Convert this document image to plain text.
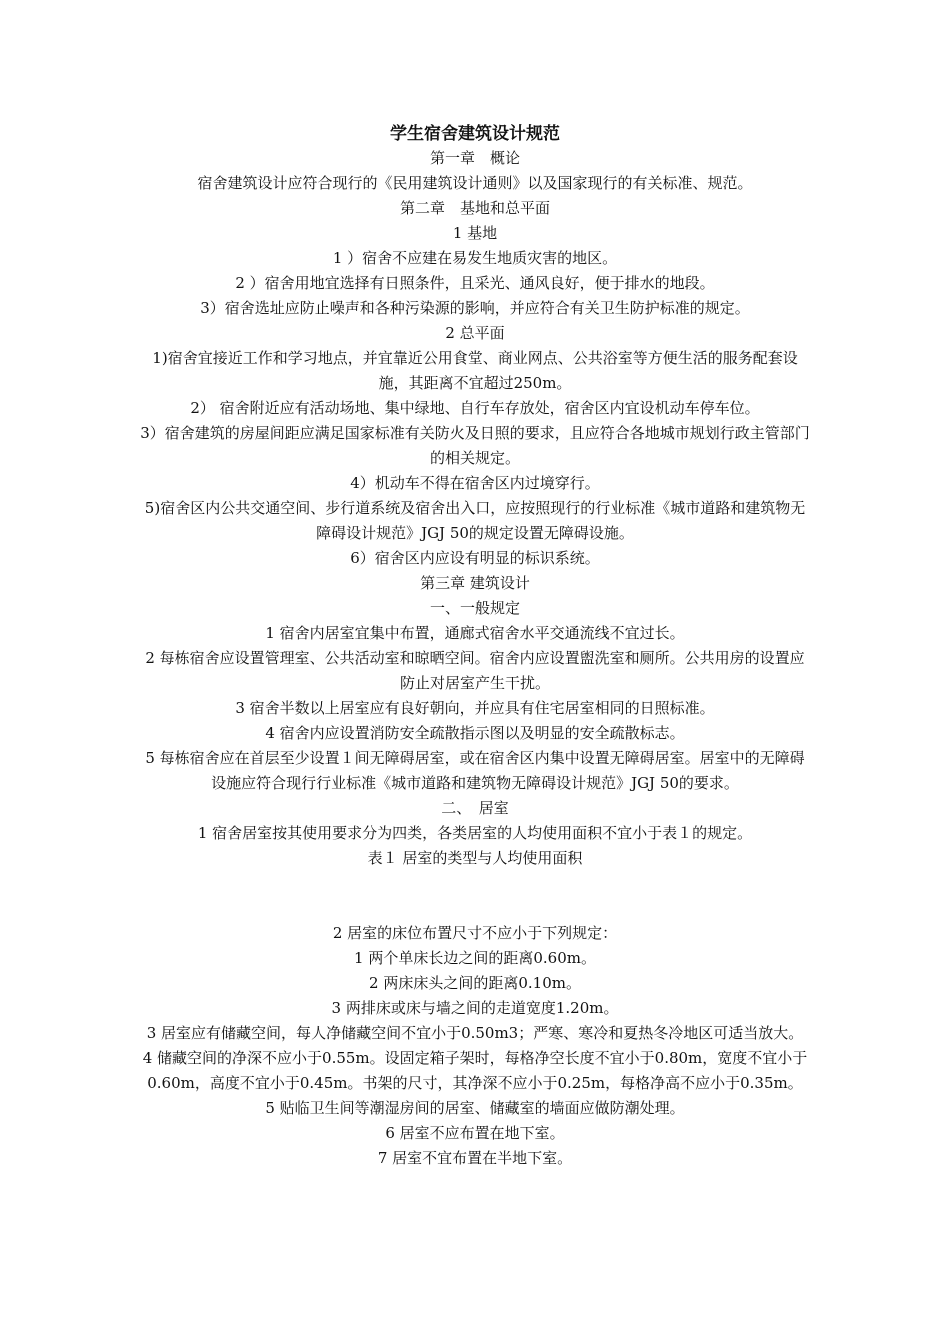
学生宿舍建筑设计规范

第一章　概论

宿舍建筑设计应符合现行的《民用建筑设计通则》以及国家现行的有关标准、规范。

第二章　基地和总平面

1 基地

1 ）宿舍不应建在易发生地质灾害的地区。

2 ）宿舍用地宜选择有日照条件，且采光、通风良好，便于排水的地段。

3）宿舍选址应防止噪声和各种污染源的影响，并应符合有关卫生防护标准的规定。

2 总平面

1)宿舍宜接近工作和学习地点，并宜靠近公用食堂、商业网点、公共浴室等方便生活的服务配套设施，其距离不宜超过250m。

2） 宿舍附近应有活动场地、集中绿地、自行车存放处，宿舍区内宜设机动车停车位。

3）宿舍建筑的房屋间距应满足国家标准有关防火及日照的要求，且应符合各地城市规划行政主管部门的相关规定。

4）机动车不得在宿舍区内过境穿行。

5)宿舍区内公共交通空间、步行道系统及宿舍出入口，应按照现行的行业标准《城市道路和建筑物无障碍设计规范》JGJ 50的规定设置无障碍设施。

6）宿舍区内应设有明显的标识系统。

第三章 建筑设计

一、一般规定

1 宿舍内居室宜集中布置，通廊式宿舍水平交通流线不宜过长。

2 每栋宿舍应设置管理室、公共活动室和晾晒空间。宿舍内应设置盥洗室和厕所。公共用房的设置应防止对居室产生干扰。

3 宿舍半数以上居室应有良好朝向，并应具有住宅居室相同的日照标准。

4 宿舍内应设置消防安全疏散指示图以及明显的安全疏散标志。

5 每栋宿舍应在首层至少设置１间无障碍居室，或在宿舍区内集中设置无障碍居室。居室中的无障碍设施应符合现行行业标准《城市道路和建筑物无障碍设计规范》JGJ 50的要求。

二、　居室

1 宿舍居室按其使用要求分为四类，各类居室的人均使用面积不宜小于表１的规定。

表１ 居室的类型与人均使用面积

2 居室的床位布置尺寸不应小于下列规定：

1 两个单床长边之间的距离0.60m。

2 两床床头之间的距离0.10m。

3 两排床或床与墙之间的走道宽度1.20m。

3 居室应有储藏空间，每人净储藏空间不宜小于0.50m3；严寒、寒冷和夏热冬冷地区可适当放大。

4 储藏空间的净深不应小于0.55m。设固定箱子架时，每格净空长度不宜小于0.80m，宽度不宜小于0.60m，高度不宜小于0.45m。书架的尺寸，其净深不应小于0.25m，每格净高不应小于0.35m。

5 贴临卫生间等潮湿房间的居室、储藏室的墙面应做防潮处理。

6 居室不应布置在地下室。

7 居室不宜布置在半地下室。
